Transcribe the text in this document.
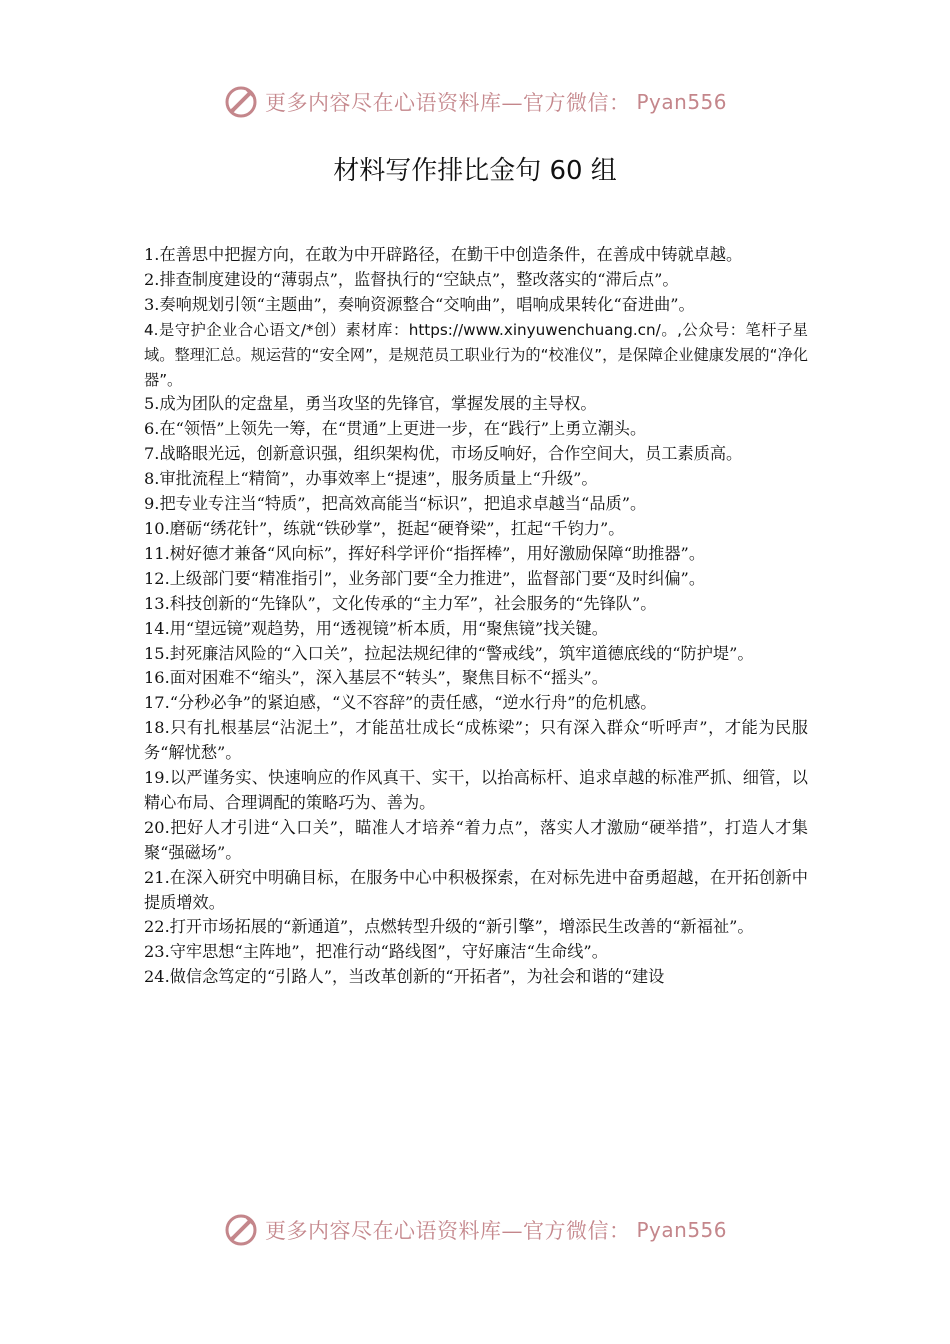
更多内容尽在心语资料库—官方微信： Pyan556
材料写作排比金句 60 组

1.在善思中把握方向，在敢为中开辟路径，在勤干中创造条件，在善成中铸就卓越。

2.排查制度建设的“薄弱点”，监督执行的“空缺点”，整改落实的“滞后点”。

3.奏响规划引领“主题曲”，奏响资源整合“交响曲”，唱响成果转化“奋进曲”。

4.是守护企业合心语文/*创）素材库：https://www.xinyuwenchuang.cn/。,公众号：笔杆子星域。整理汇总。规运营的“安全网”，是规范员工职业行为的“校准仪”，是保障企业健康发展的“净化器”。

5.成为团队的定盘星，勇当攻坚的先锋官，掌握发展的主导权。

6.在“领悟”上领先一筹，在“贯通”上更进一步，在“践行”上勇立潮头。

7.战略眼光远，创新意识强，组织架构优，市场反响好，合作空间大，员工素质高。

8.审批流程上“精简”，办事效率上“提速”，服务质量上“升级”。

9.把专业专注当“特质”，把高效高能当“标识”，把追求卓越当“品质”。

10.磨砺“绣花针”，练就“铁砂掌”，挺起“硬脊梁”，扛起“千钧力”。

11.树好德才兼备“风向标”，挥好科学评价“指挥棒”，用好激励保障“助推器”。

12.上级部门要“精准指引”，业务部门要“全力推进”，监督部门要“及时纠偏”。

13.科技创新的“先锋队”，文化传承的“主力军”，社会服务的“先锋队”。

14.用“望远镜”观趋势，用“透视镜”析本质，用“聚焦镜”找关键。

15.封死廉洁风险的“入口关”，拉起法规纪律的“警戒线”，筑牢道德底线的“防护堤”。

16.面对困难不“缩头”，深入基层不“转头”，聚焦目标不“摇头”。

17.“分秒必争”的紧迫感，“义不容辞”的责任感，“逆水行舟”的危机感。

18.只有扎根基层“沾泥土”，才能茁壮成长“成栋梁”；只有深入群众“听呼声”，才能为民服务“解忧愁”。

19.以严谨务实、快速响应的作风真干、实干，以抬高标杆、追求卓越的标准严抓、细管，以精心布局、合理调配的策略巧为、善为。

20.把好人才引进“入口关”，瞄准人才培养“着力点”，落实人才激励“硬举措”，打造人才集聚“强磁场”。

21.在深入研究中明确目标，在服务中心中积极探索，在对标先进中奋勇超越，在开拓创新中提质增效。

22.打开市场拓展的“新通道”，点燃转型升级的“新引擎”，增添民生改善的“新福祉”。

23.守牢思想“主阵地”，把准行动“路线图”，守好廉洁“生命线”。

24.做信念笃定的“引路人”，当改革创新的“开拓者”，为社会和谐的“建设

更多内容尽在心语资料库—官方微信： Pyan556
